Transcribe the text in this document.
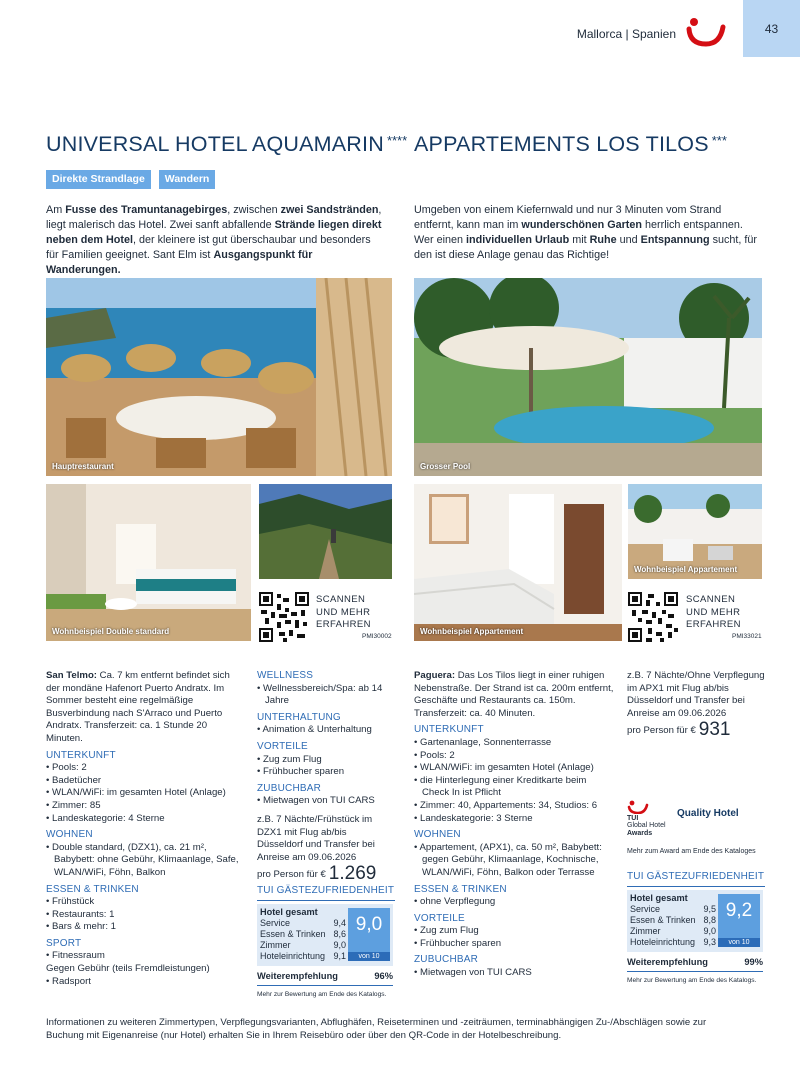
Mallorca | Spanien	43
UNIVERSAL HOTEL AQUAMARIN ****
Direkte Strandlage	Wandern
Am Fusse des Tramuntanagebirges, zwischen zwei Sandstränden, liegt malerisch das Hotel. Zwei sanft abfallende Strände liegen direkt neben dem Hotel, der kleinere ist gut überschaubar und besonders für Familien geeignet. Sant Elm ist Ausgangspunkt für Wanderungen.
APPARTEMENTS LOS TILOS ***
Umgeben von einem Kiefernwald und nur 3 Minuten vom Strand entfernt, kann man im wunderschönen Garten herrlich entspannen. Wer einen individuellen Urlaub mit Ruhe und Entspannung sucht, für den ist diese Anlage genau das Richtige!
Hauptrestaurant
Wohnbeispiel Double standard
SCANNEN
UND MEHR
ERFAHREN
PMI30002
Grosser Pool
Wohnbeispiel Appartement
Wohnbeispiel Appartement
SCANNEN
UND MEHR
ERFAHREN
PMI33021
San Telmo: Ca. 7 km entfernt befindet sich der mondäne Hafenort Puerto Andratx. Im Sommer besteht eine regelmäßige Busverbindung nach S'Arraco und Puerto Andratx. Transferzeit: ca. 1 Stunde 20 Minuten.
UNTERKUNFT
• Pools: 2
• Badetücher
• WLAN/WiFi: im gesamten Hotel (Anlage)
• Zimmer: 85
• Landeskategorie: 4 Sterne
WOHNEN
• Double standard, (DZX1), ca. 21 m², Babybett: ohne Gebühr, Klimaanlage, Safe, WLAN/WiFi, Föhn, Balkon
ESSEN & TRINKEN
• Frühstück
• Restaurants: 1
• Bars & mehr: 1
SPORT
• Fitnessraum
Gegen Gebühr (teils Fremdleistungen)
• Radsport
WELLNESS
• Wellnessbereich/Spa: ab 14 Jahre
UNTERHALTUNG
• Animation & Unterhaltung
VORTEILE
• Zug zum Flug
• Frühbucher sparen
ZUBUCHBAR
• Mietwagen von TUI CARS
z.B. 7 Nächte/Frühstück im DZX1 mit Flug ab/bis Düsseldorf und Transfer bei Anreise am 09.06.2026
pro Person für € 1.269
TUI GÄSTEZUFRIEDENHEIT
Hotel gesamt
Service	9,4
Essen & Trinken 8,6
Zimmer	9,0
Hoteleinrichtung 9,1
9,0
von 10
Weiterempfehlung	96%
Mehr zur Bewertung am Ende des Katalogs.
Paguera: Das Los Tilos liegt in einer ruhigen Nebenstraße. Der Strand ist ca. 200m entfernt, Geschäfte und Restaurants ca. 150m. Transferzeit: ca. 40 Minuten.
UNTERKUNFT
• Gartenanlage, Sonnenterrasse
• Pools: 2
• WLAN/WiFi: im gesamten Hotel (Anlage)
• die Hinterlegung einer Kreditkarte beim Check In ist Pflicht
• Zimmer: 40, Appartements: 34, Studios: 6
• Landeskategorie: 3 Sterne
WOHNEN
• Appartement, (APX1), ca. 50 m², Babybett: gegen Gebühr, Klimaanlage, Kochnische, WLAN/WiFi, Föhn, Balkon oder Terrasse
ESSEN & TRINKEN
• ohne Verpflegung
VORTEILE
• Zug zum Flug
• Frühbucher sparen
ZUBUCHBAR
• Mietwagen von TUI CARS
z.B. 7 Nächte/Ohne Verpflegung im APX1 mit Flug ab/bis Düsseldorf und Transfer bei Anreise am 09.06.2026
pro Person für € 931
TUI
Global Hotel
Awards
Quality Hotel
Mehr zum Award am Ende des Kataloges
TUI GÄSTEZUFRIEDENHEIT
Hotel gesamt
Service	9,5
Essen & Trinken 8,8
Zimmer	9,0
Hoteleinrichtung 9,3
9,2
von 10
Weiterempfehlung	99%
Mehr zur Bewertung am Ende des Katalogs.
Informationen zu weiteren Zimmertypen, Verpflegungsvarianten, Abflughäfen, Reiseterminen und -zeiträumen, terminabhängigen Zu-/Abschlägen sowie zur Buchung mit Eigenanreise (nur Hotel) erhalten Sie in Ihrem Reisebüro oder über den QR-Code in der Hotelbeschreibung.
